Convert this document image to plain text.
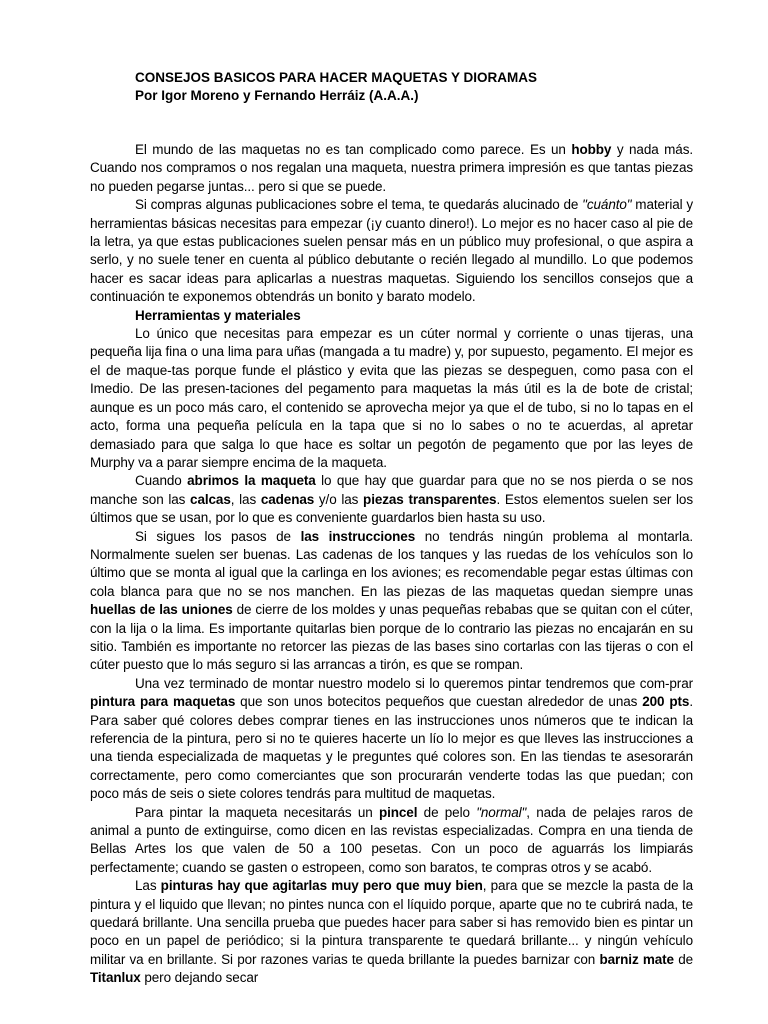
CONSEJOS BASICOS PARA HACER MAQUETAS Y DIORAMAS
Por Igor Moreno y Fernando Herráiz (A.A.A.)

El mundo de las maquetas no es tan complicado como parece. Es un hobby y nada más. Cuando nos compramos o nos regalan una maqueta, nuestra primera impresión es que tantas piezas no pueden pegarse juntas... pero si que se puede.

Si compras algunas publicaciones sobre el tema, te quedarás alucinado de "cuánto" material y herramientas básicas necesitas para empezar (¡y cuanto dinero!). Lo mejor es no hacer caso al pie de la letra, ya que estas publicaciones suelen pensar más en un público muy profesional, o que aspira a serlo, y no suele tener en cuenta al público debutante o recién llegado al mundillo. Lo que podemos hacer es sacar ideas para aplicarlas a nuestras maquetas. Siguiendo los sencillos consejos que a continuación te exponemos obtendrás un bonito y barato modelo.

Herramientas y materiales

Lo único que necesitas para empezar es un cúter normal y corriente o unas tijeras, una pequeña lija fina o una lima para uñas (mangada a tu madre) y, por supuesto, pegamento. El mejor es el de maque-tas porque funde el plástico y evita que las piezas se despeguen, como pasa con el Imedio. De las presen-taciones del pegamento para maquetas la más útil es la de bote de cristal; aunque es un poco más caro, el contenido se aprovecha mejor ya que el de tubo, si no lo tapas en el acto, forma una pequeña película en la tapa que si no lo sabes o no te acuerdas, al apretar demasiado para que salga lo que hace es soltar un pegotón de pegamento que por las leyes de Murphy va a parar siempre encima de la maqueta.

Cuando abrimos la maqueta lo que hay que guardar para que no se nos pierda o se nos manche son las calcas, las cadenas y/o las piezas transparentes. Estos elementos suelen ser los últimos que se usan, por lo que es conveniente guardarlos bien hasta su uso.

Si sigues los pasos de las instrucciones no tendrás ningún problema al montarla. Normalmente suelen ser buenas. Las cadenas de los tanques y las ruedas de los vehículos son lo último que se monta al igual que la carlinga en los aviones; es recomendable pegar estas últimas con cola blanca para que no se nos manchen. En las piezas de las maquetas quedan siempre unas huellas de las uniones de cierre de los moldes y unas pequeñas rebabas que se quitan con el cúter, con la lija o la lima. Es importante quitarlas bien porque de lo contrario las piezas no encajarán en su sitio. También es importante no retorcer las piezas de las bases sino cortarlas con las tijeras o con el cúter puesto que lo más seguro si las arrancas a tirón, es que se rompan.

Una vez terminado de montar nuestro modelo si lo queremos pintar tendremos que com-prar pintura para maquetas que son unos botecitos pequeños que cuestan alrededor de unas 200 pts. Para saber qué colores debes comprar tienes en las instrucciones unos números que te indican la referencia de la pintura, pero si no te quieres hacerte un lío lo mejor es que lleves las instrucciones a una tienda especializada de maquetas y le preguntes qué colores son. En las tiendas te asesorarán correctamente, pero como comerciantes que son procurarán venderte todas las que puedan; con poco más de seis o siete colores tendrás para multitud de maquetas.

Para pintar la maqueta necesitarás un pincel de pelo "normal", nada de pelajes raros de animal a punto de extinguirse, como dicen en las revistas especializadas. Compra en una tienda de Bellas Artes los que valen de 50 a 100 pesetas. Con un poco de aguarrás los limpiarás perfectamente; cuando se gasten o estropeen, como son baratos, te compras otros y se acabó.

Las pinturas hay que agitarlas muy pero que muy bien, para que se mezcle la pasta de la pintura y el liquido que llevan; no pintes nunca con el líquido porque, aparte que no te cubrirá nada, te quedará brillante. Una sencilla prueba que puedes hacer para saber si has removido bien es pintar un poco en un papel de periódico; si la pintura transparente te quedará brillante... y ningún vehículo militar va en brillante. Si por razones varias te queda brillante la puedes barnizar con barniz mate de Titanlux pero dejando secar
